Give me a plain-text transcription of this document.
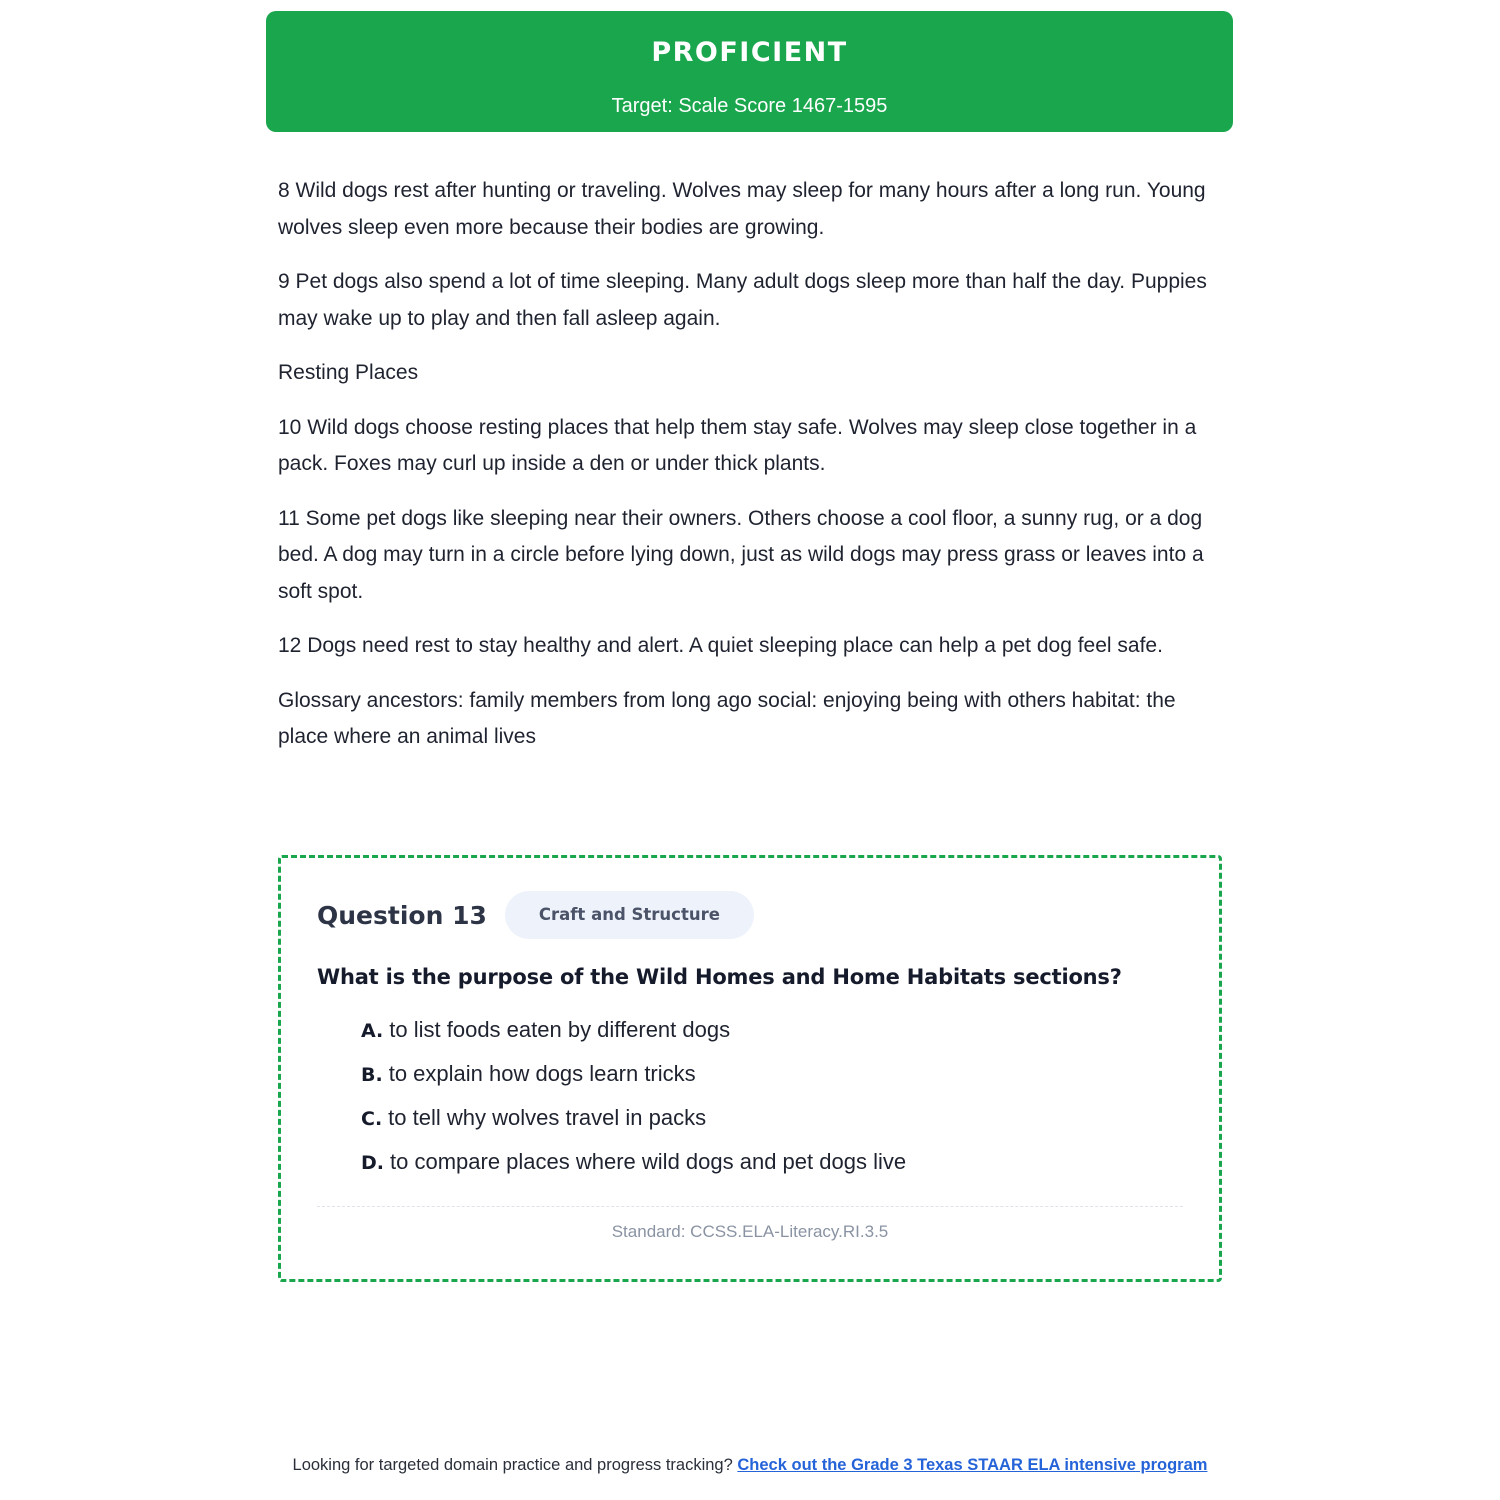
PROFICIENT
Target: Scale Score 1467-1595

8 Wild dogs rest after hunting or traveling. Wolves may sleep for many hours after a long run. Young wolves sleep even more because their bodies are growing.

9 Pet dogs also spend a lot of time sleeping. Many adult dogs sleep more than half the day. Puppies may wake up to play and then fall asleep again.

Resting Places

10 Wild dogs choose resting places that help them stay safe. Wolves may sleep close together in a pack. Foxes may curl up inside a den or under thick plants.

11 Some pet dogs like sleeping near their owners. Others choose a cool floor, a sunny rug, or a dog bed. A dog may turn in a circle before lying down, just as wild dogs may press grass or leaves into a soft spot.

12 Dogs need rest to stay healthy and alert. A quiet sleeping place can help a pet dog feel safe.

Glossary ancestors: family members from long ago social: enjoying being with others habitat: the place where an animal lives

Question 13	Craft and Structure
What is the purpose of the Wild Homes and Home Habitats sections?
A. to list foods eaten by different dogs
B. to explain how dogs learn tricks
C. to tell why wolves travel in packs
D. to compare places where wild dogs and pet dogs live
Standard: CCSS.ELA-Literacy.RI.3.5
Looking for targeted domain practice and progress tracking? Check out the Grade 3 Texas STAAR ELA intensive program
